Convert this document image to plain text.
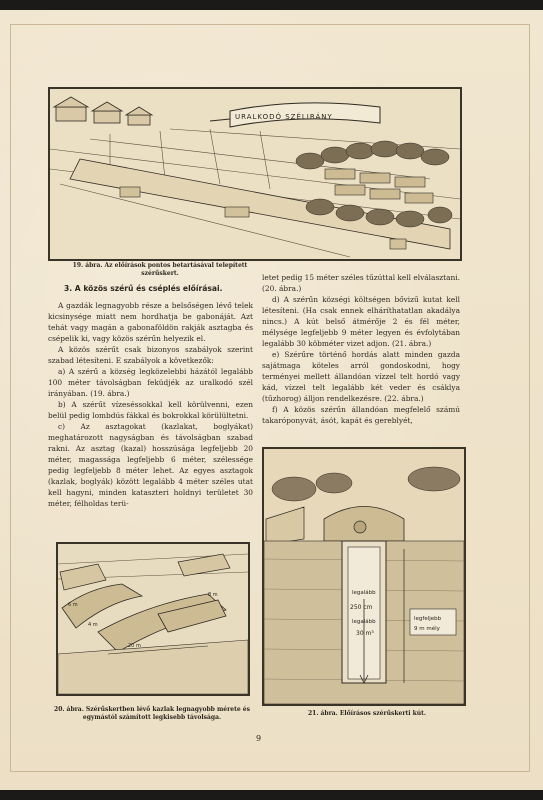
URALKODÓ SZÉLIRÁNY
19. ábra. Az előírások pontos betartásával telepített szérűskert.
3. A közös szérű és cséplés előírásai.

A gazdák legnagyobb része a belsőségen lévő telek kicsinysége miatt nem hordhatja be gabonáját. Azt tehát vagy magán a gabonaföldön rakják asztagba és csépelik ki, vagy közös szérűn helyezik el.

A közös szérűt csak bizonyos szabályok szerint szabad létesíteni. E szabályok a következők:

a) A szérű a község legközelebbi házától legalább 100 méter távolságban feküdjék az uralkodó szél irányában. (19. ábra.)

b) A szérűt vízeséssokkal kell körülvenni, ezen belül pedig lombdús fákkal és bokrokkal körülültetni.

c) Az asztagokat (kazlakat, boglyákat) meghatározott nagyságban és távolságban szabad rakni. Az asztag (kazal) hosszúsága legfeljebb 20 méter, magassága legfeljebb 6 méter, szélessége pedig legfeljebb 8 méter lehet. Az egyes asztagok (kazlak, boglyák) között legalább 4 méter széles utat kell hagyni, minden kataszteri holdnyi területet 30 méter, félholdas terü-

letet pedig 15 méter széles tűzúttal kell elválasztani. (20. ábra.)

d) A szérűn községi költségen bővizű kutat kell létesíteni. (Ha csak ennek elháríthatatlan akadálya nincs.) A kút belső átmérője 2 és fél méter, mélysége legfeljebb 9 méter legyen és évfolytában legalább 30 köbméter vizet adjon. (21. ábra.)

e) Szérűre történő hordás alatt minden gazda sajátmaga köteles arról gondoskodni, hogy terményei mellett állandóan vízzel telt hordó vagy kád, vízzel telt legalább két veder és csáklya (tűzhorog) álljon rendelkezésre. (22. ábra.)

f) A közös szérűn állandóan megfelelő számú takaróponyvát, ásót, kapát és gereblyét,

20 m
8 m
4 m
6 m
20. ábra. Szérűskertben lévő kazlak legnagyobb mérete és egymástól számított legkisebb távolsága.
legalább
250 cm
legalább
30 m³
legfeljebb
9 m mély
21. ábra. Előírásos szérűskerti kút.
9
